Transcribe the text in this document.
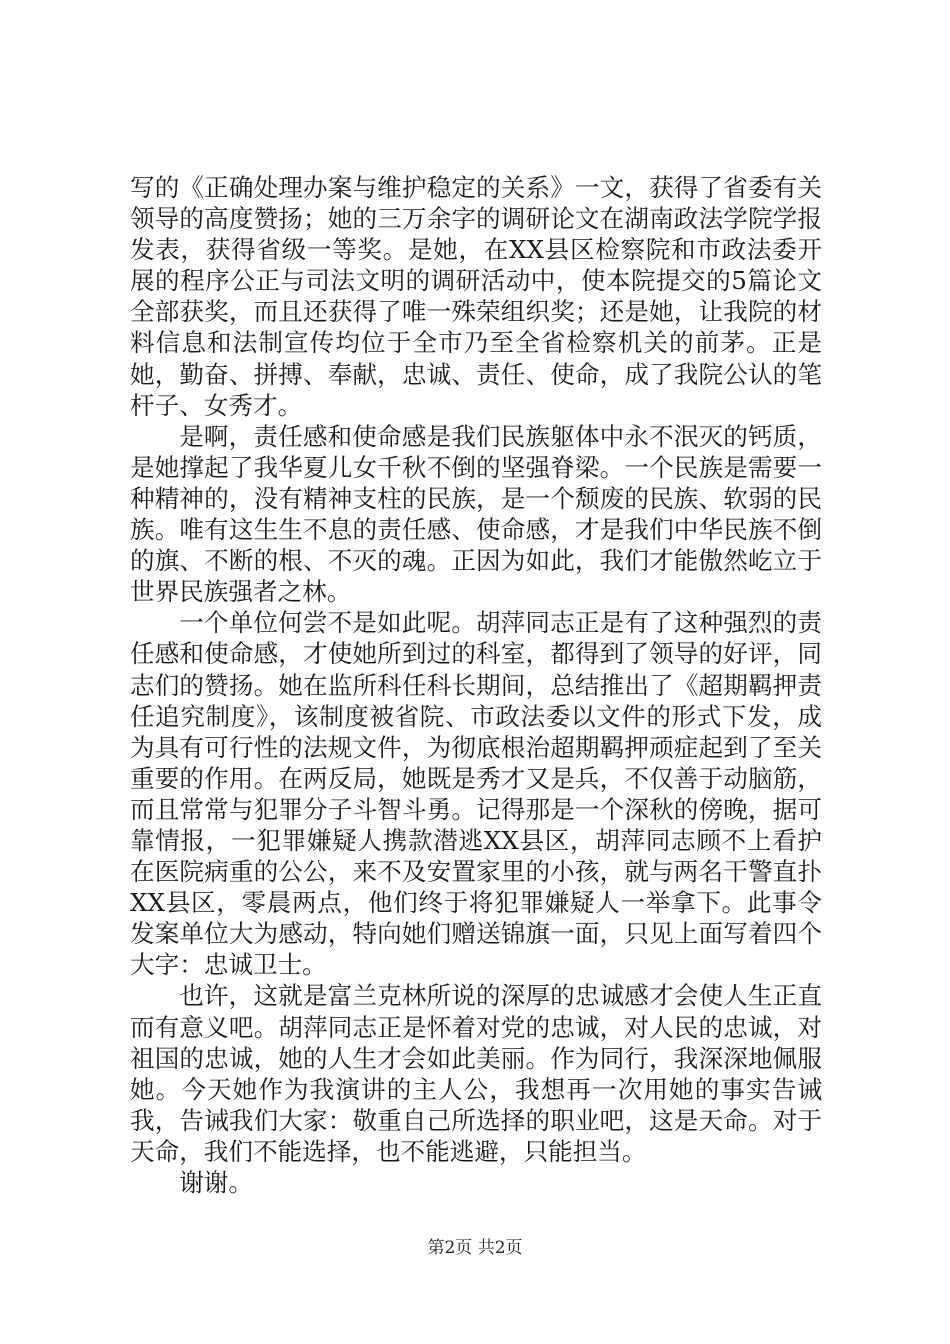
写的《正确处理办案与维护稳定的关系》一文，获得了省委有关领导的高度赞扬；她的三万余字的调研论文在湖南政法学院学报发表，获得省级一等奖。是她，在XX县区检察院和市政法委开展的程序公正与司法文明的调研活动中，使本院提交的5篇论文全部获奖，而且还获得了唯一殊荣组织奖；还是她，让我院的材料信息和法制宣传均位于全市乃至全省检察机关的前茅。正是她，勤奋、拼搏、奉献，忠诚、责任、使命，成了我院公认的笔杆子、女秀才。

是啊，责任感和使命感是我们民族躯体中永不泯灭的钙质，是她撑起了我华夏儿女千秋不倒的坚强脊梁。一个民族是需要一种精神的，没有精神支柱的民族，是一个颓废的民族、软弱的民族。唯有这生生不息的责任感、使命感，才是我们中华民族不倒的旗、不断的根、不灭的魂。正因为如此，我们才能傲然屹立于世界民族强者之林。

一个单位何尝不是如此呢。胡萍同志正是有了这种强烈的责任感和使命感，才使她所到过的科室，都得到了领导的好评，同志们的赞扬。她在监所科任科长期间，总结推出了《超期羁押责任追究制度》，该制度被省院、市政法委以文件的形式下发，成为具有可行性的法规文件，为彻底根治超期羁押顽症起到了至关重要的作用。在两反局，她既是秀才又是兵，不仅善于动脑筋，而且常常与犯罪分子斗智斗勇。记得那是一个深秋的傍晚，据可靠情报，一犯罪嫌疑人携款潜逃XX县区，胡萍同志顾不上看护在医院病重的公公，来不及安置家里的小孩，就与两名干警直扑XX县区，零晨两点，他们终于将犯罪嫌疑人一举拿下。此事令发案单位大为感动，特向她们赠送锦旗一面，只见上面写着四个大字：忠诚卫士。

也许，这就是富兰克林所说的深厚的忠诚感才会使人生正直而有意义吧。胡萍同志正是怀着对党的忠诚，对人民的忠诚，对祖国的忠诚，她的人生才会如此美丽。作为同行，我深深地佩服她。今天她作为我演讲的主人公，我想再一次用她的事实告诫我，告诫我们大家：敬重自己所选择的职业吧，这是天命。对于天命，我们不能选择，也不能逃避，只能担当。

谢谢。

第2页 共2页
